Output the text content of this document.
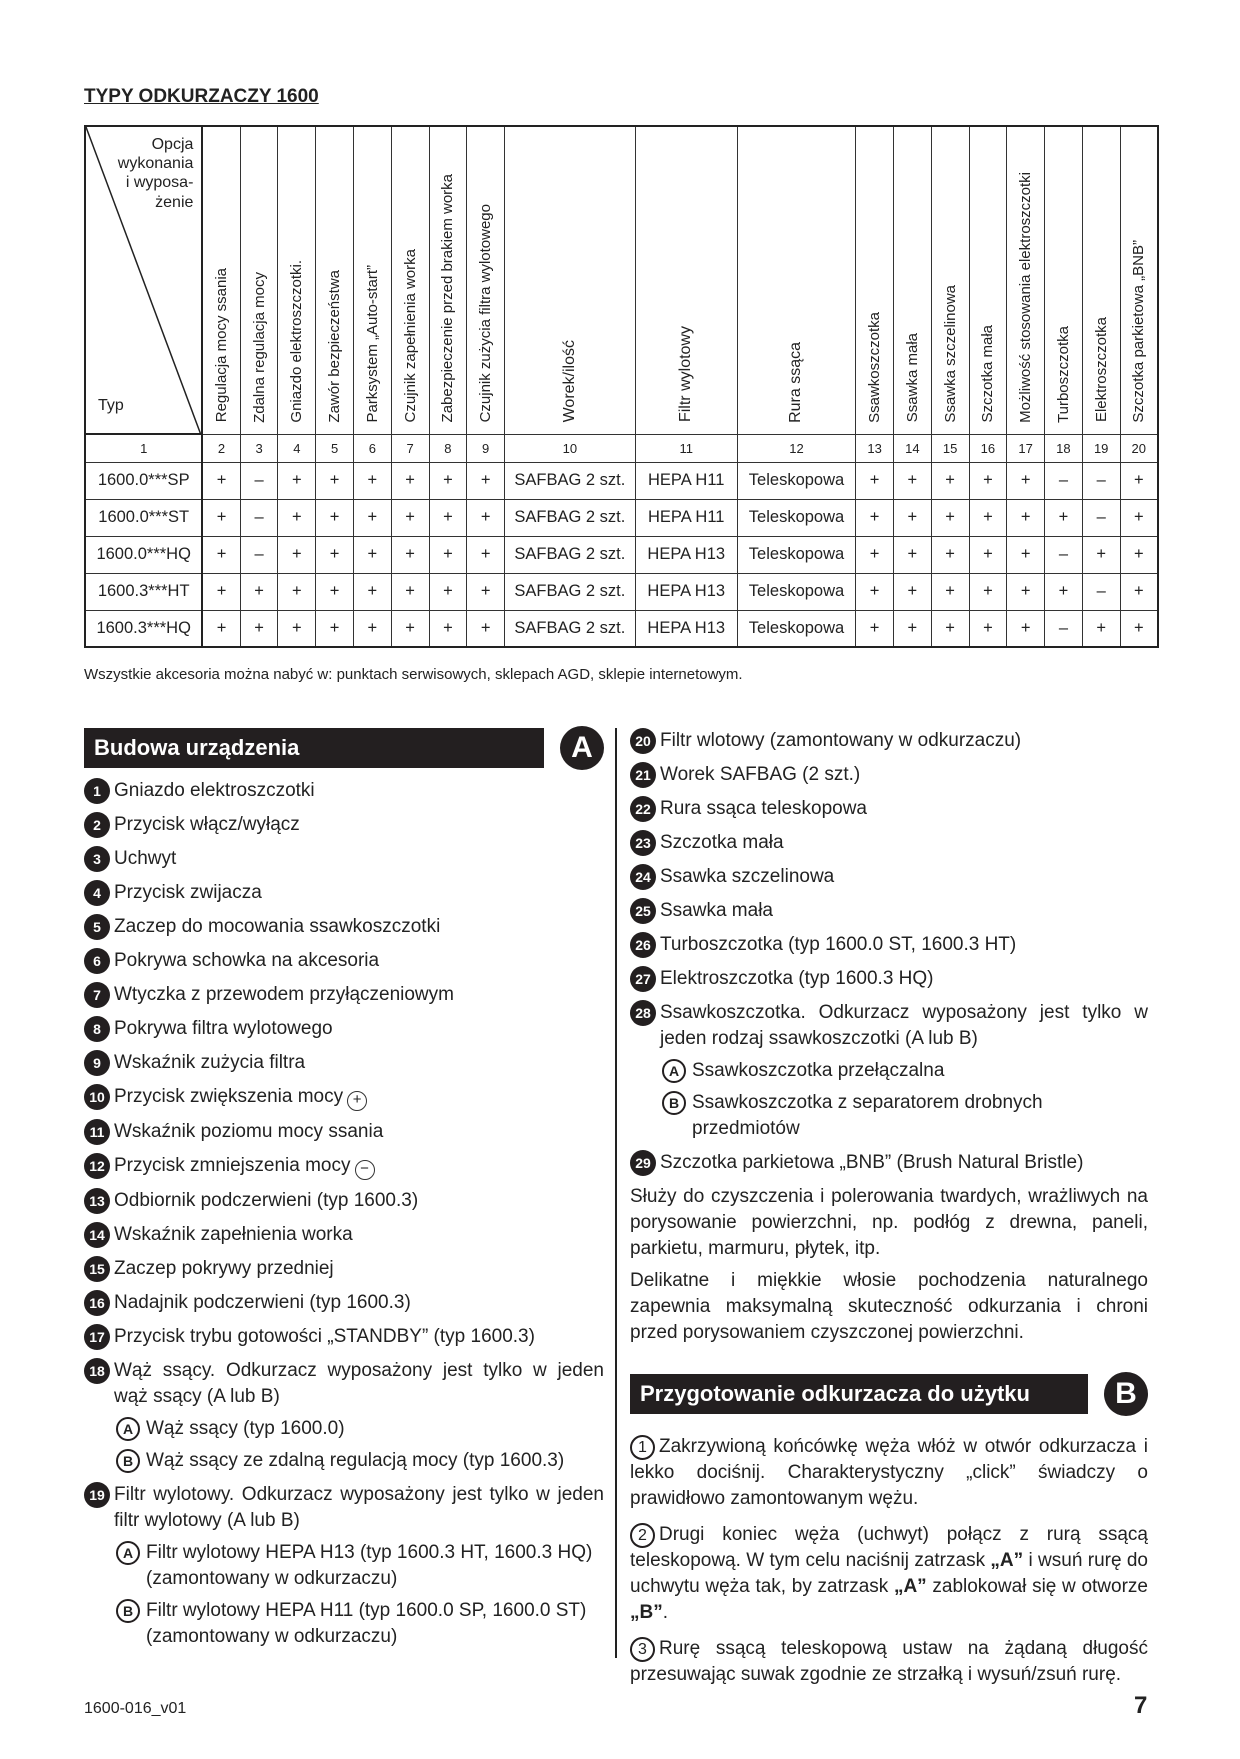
TYPY ODKURZACZY 1600
Opcja
wykonania
i wyposa-
żenie
Typ	Regulacja mocy ssania	Zdalna regulacja mocy	Gniazdo elektroszczotki.	Zawór bezpieczeństwa	Parksystem „Auto-start”	Czujnik zapełnienia worka	Zabezpieczenie przed brakiem worka	Czujnik zużycia filtra wylotowego	Worek/ilość	Filtr wylotowy	Rura ssąca	Ssawkoszczotka	Ssawka mała	Ssawka szczelinowa	Szczotka mała	Możliwość stosowania elektroszczotki	Turboszczotka	Elektroszczotka	Szczotka parkietowa „BNB”
1	2	3	4	5	6	7	8	9	10	11	12	13	14	15	16	17	18	19	20
1600.0***SP	+	–	+	+	+	+	+	+	SAFBAG 2 szt.	HEPA H11	Teleskopowa	+	+	+	+	+	–	–	+
1600.0***ST	+	–	+	+	+	+	+	+	SAFBAG 2 szt.	HEPA H11	Teleskopowa	+	+	+	+	+	+	–	+
1600.0***HQ	+	–	+	+	+	+	+	+	SAFBAG 2 szt.	HEPA H13	Teleskopowa	+	+	+	+	+	–	+	+
1600.3***HT	+	+	+	+	+	+	+	+	SAFBAG 2 szt.	HEPA H13	Teleskopowa	+	+	+	+	+	+	–	+
1600.3***HQ	+	+	+	+	+	+	+	+	SAFBAG 2 szt.	HEPA H13	Teleskopowa	+	+	+	+	+	–	+	+
Wszystkie akcesoria można nabyć w: punktach serwisowych, sklepach AGD, sklepie internetowym.
Budowa urządzenia	A
1 Gniazdo elektroszczotki
2 Przycisk włącz/wyłącz
3 Uchwyt
4 Przycisk zwijacza
5 Zaczep do mocowania ssawkoszczotki
6 Pokrywa schowka na akcesoria
7 Wtyczka z przewodem przyłączeniowym
8 Pokrywa filtra wylotowego
9 Wskaźnik zużycia filtra
10 Przycisk zwiększenia mocy +
11 Wskaźnik poziomu mocy ssania
12 Przycisk zmniejszenia mocy −
13 Odbiornik podczerwieni (typ 1600.3)
14 Wskaźnik zapełnienia worka
15 Zaczep pokrywy przedniej
16 Nadajnik podczerwieni (typ 1600.3)
17 Przycisk trybu gotowości „STANDBY” (typ 1600.3)
18 Wąż ssący. Odkurzacz wyposażony jest tylko w jeden wąż ssący (A lub B)
A Wąż ssący (typ 1600.0)
B Wąż ssący ze zdalną regulacją mocy (typ 1600.3)
19 Filtr wylotowy. Odkurzacz wyposażony jest tylko w jeden filtr wylotowy (A lub B)
A Filtr wylotowy HEPA H13 (typ 1600.3 HT, 1600.3 HQ) (zamontowany w odkurzaczu)
B Filtr wylotowy HEPA H11 (typ 1600.0 SP, 1600.0 ST) (zamontowany w odkurzaczu)
20 Filtr wlotowy (zamontowany w odkurzaczu)
21 Worek SAFBAG (2 szt.)
22 Rura ssąca teleskopowa
23 Szczotka mała
24 Ssawka szczelinowa
25 Ssawka mała
26 Turboszczotka (typ 1600.0 ST, 1600.3 HT)
27 Elektroszczotka (typ 1600.3 HQ)
28 Ssawkoszczotka. Odkurzacz wyposażony jest tylko w jeden rodzaj ssawkoszczotki (A lub B)
A Ssawkoszczotka przełączalna
B Ssawkoszczotka z separatorem drobnych przedmiotów
29 Szczotka parkietowa „BNB” (Brush Natural Bristle)
Służy do czyszczenia i polerowania twardych, wrażliwych na porysowanie powierzchni, np. podłóg z drewna, paneli, parkietu, marmuru, płytek, itp.
Delikatne i miękkie włosie pochodzenia naturalnego zapewnia maksymalną skuteczność odkurzania i chroni przed porysowaniem czyszczonej powierzchni.
Przygotowanie odkurzacza do użytku	B
1 Zakrzywioną końcówkę węża włóż w otwór odkurzacza i lekko dociśnij. Charakterystyczny „click” świadczy o prawidłowo zamontowanym wężu.
2 Drugi koniec węża (uchwyt) połącz z rurą ssącą teleskopową. W tym celu naciśnij zatrzask „A” i wsuń rurę do uchwytu węża tak, by zatrzask „A” zablokował się w otworze „B”.
3 Rurę ssącą teleskopową ustaw na żądaną długość przesuwając suwak zgodnie ze strzałką i wysuń/zsuń rurę.
1600-016_v01	7
